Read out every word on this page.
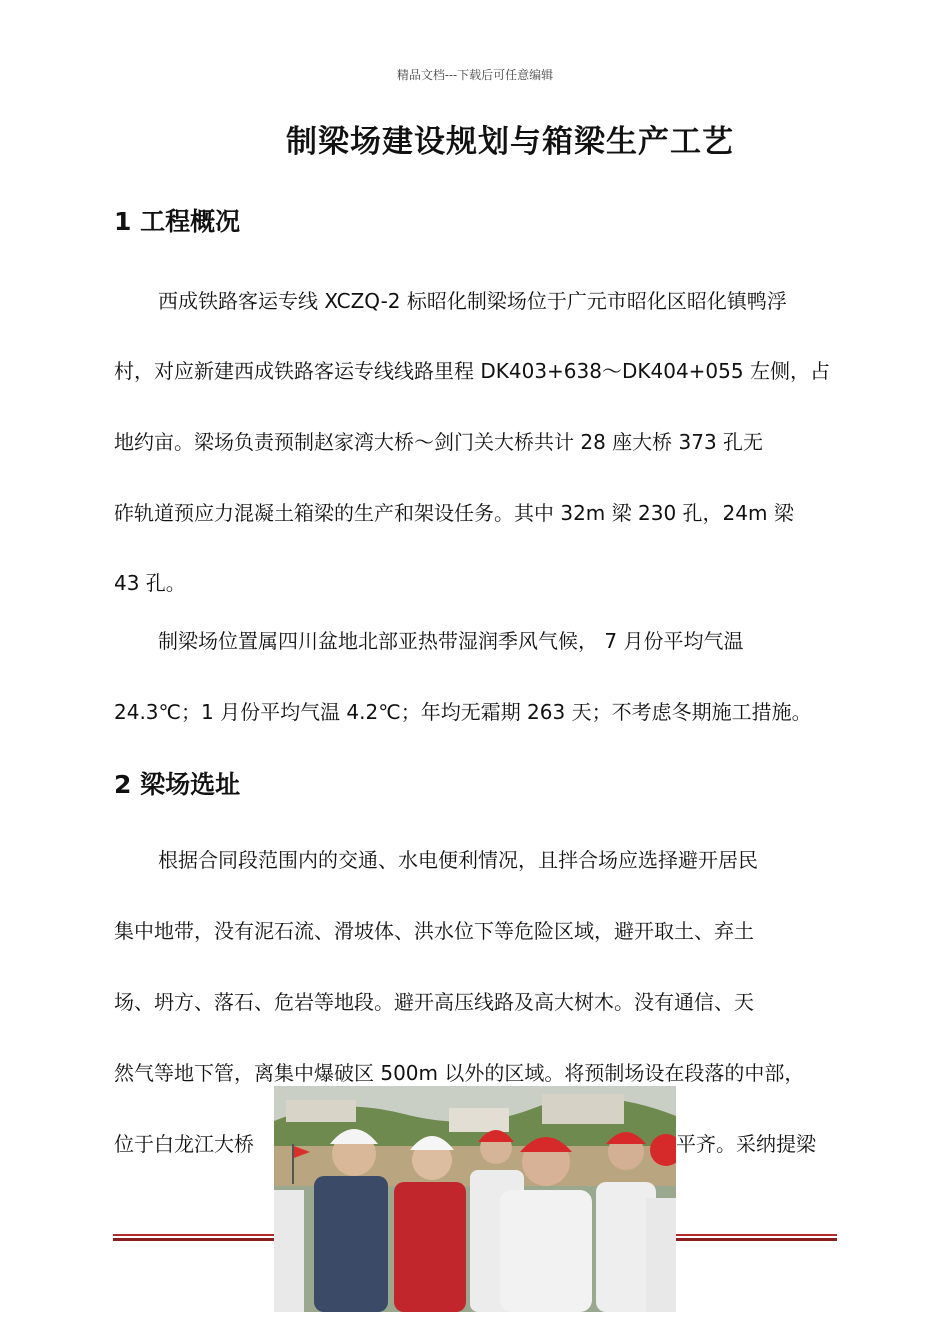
精品文档---下载后可任意编辑
制梁场建设规划与箱梁生产工艺
1 工程概况
西成铁路客运专线 XCZQ-2 标昭化制梁场位于广元市昭化区昭化镇鸭浮
村，对应新建西成铁路客运专线线路里程 DK403+638～DK404+055 左侧，占
地约亩。梁场负责预制赵家湾大桥～剑门关大桥共计 28 座大桥 373 孔无
砟轨道预应力混凝土箱梁的生产和架设任务。其中 32m 梁 230 孔，24m 梁
43 孔。
制梁场位置属四川盆地北部亚热带湿润季风气候， 7 月份平均气温
24.3℃；1 月份平均气温 4.2℃；年均无霜期 263 天；不考虑冬期施工措施。
2 梁场选址
根据合同段范围内的交通、水电便利情况，且拌合场应选择避开居民
集中地带，没有泥石流、滑坡体、洪水位下等危险区域，避开取土、弃土
场、坍方、落石、危岩等地段。避开高压线路及高大树木。没有通信、天
然气等地下管，离集中爆破区 500m 以外的区域。将预制场设在段落的中部，
位于白龙江大桥	平齐。采纳提梁
